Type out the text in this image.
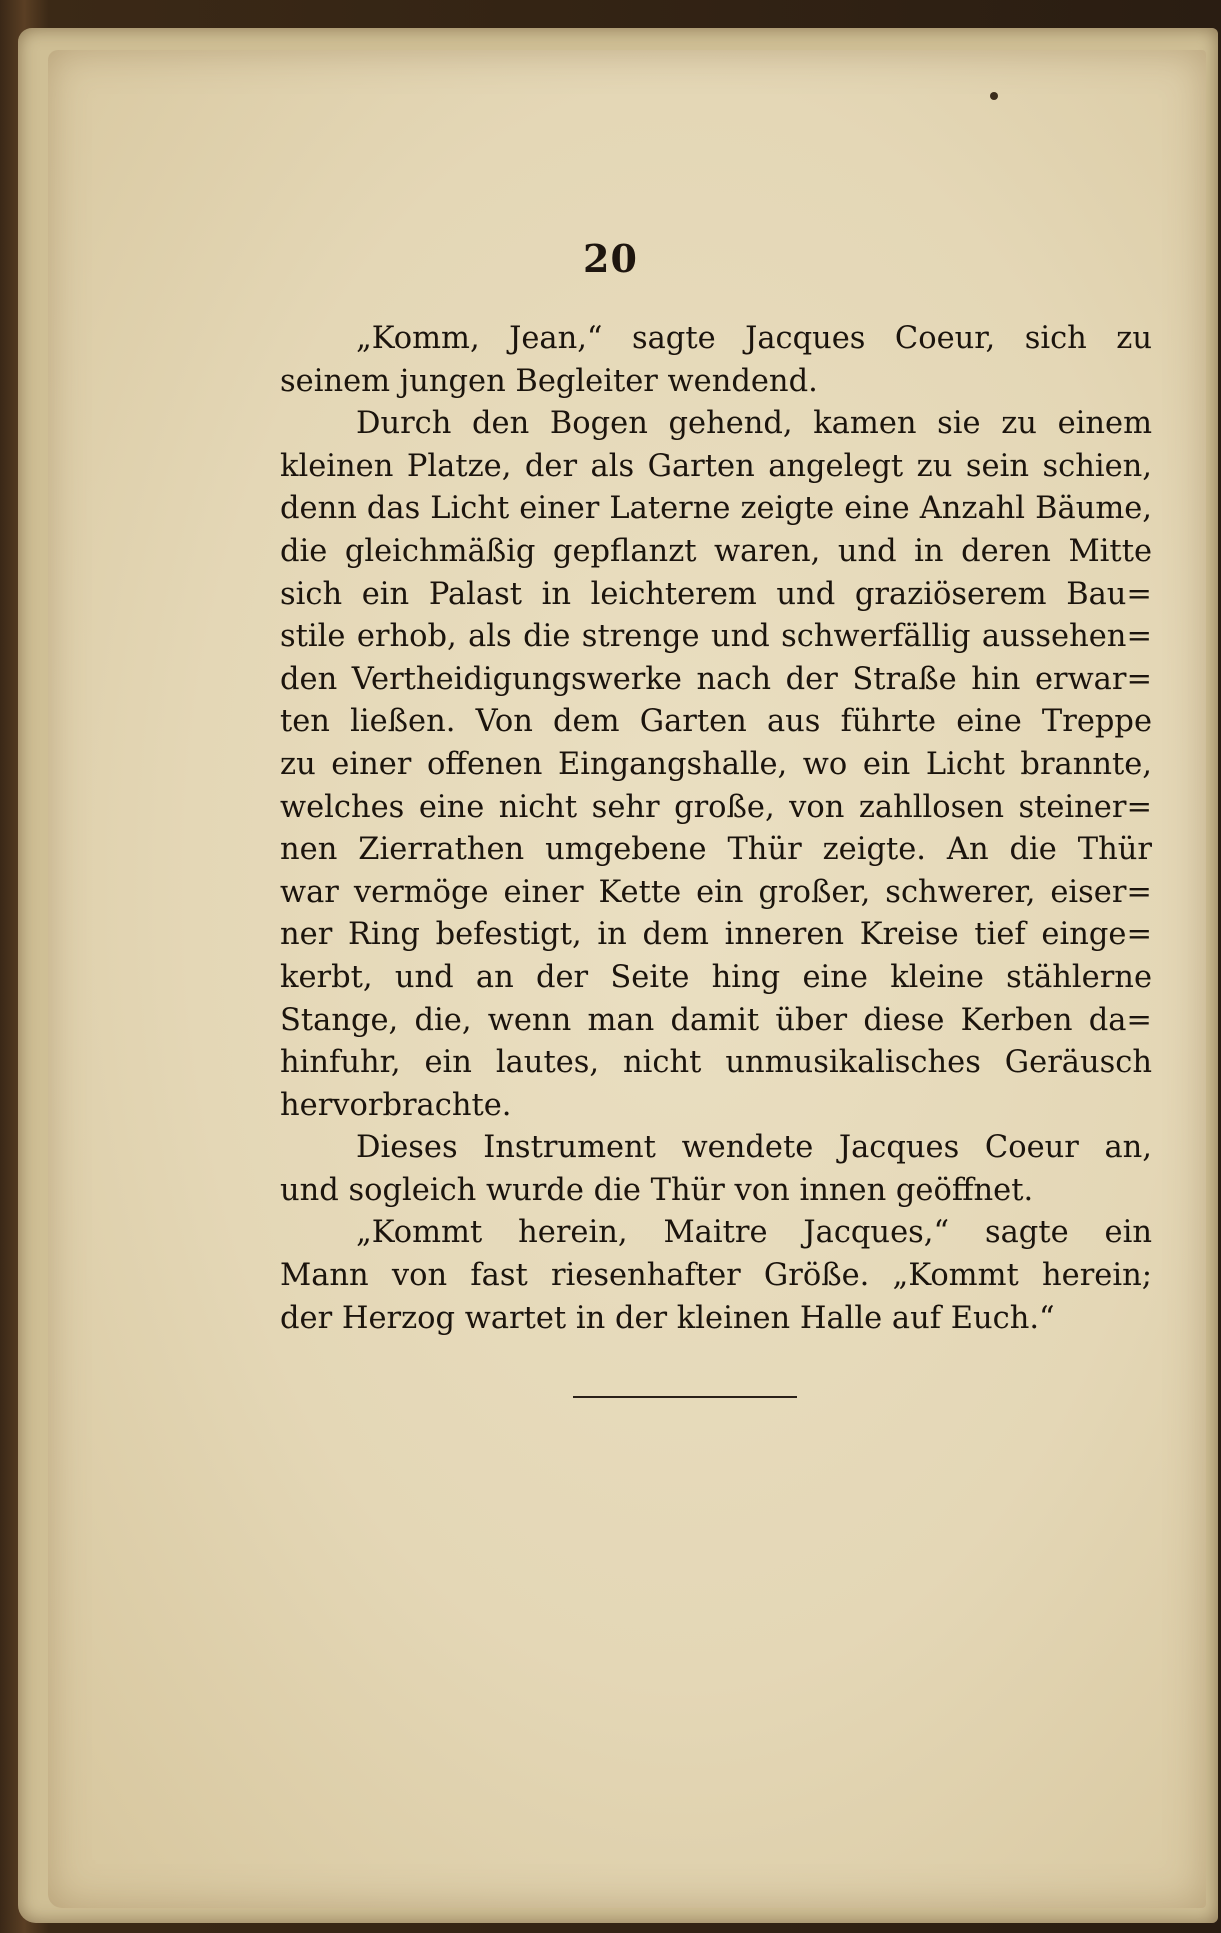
20

„Komm, Jean,“ sagte Jacques Coeur, sich zu
seinem jungen Begleiter wendend.

Durch den Bogen gehend, kamen sie zu einem
kleinen Platze, der als Garten angelegt zu sein schien,
denn das Licht einer Laterne zeigte eine Anzahl Bäume,
die gleichmäßig gepflanzt waren, und in deren Mitte
sich ein Palast in leichterem und graziöserem Bau=
stile erhob, als die strenge und schwerfällig aussehen=
den Vertheidigungswerke nach der Straße hin erwar=
ten ließen. Von dem Garten aus führte eine Treppe
zu einer offenen Eingangshalle, wo ein Licht brannte,
welches eine nicht sehr große, von zahllosen steiner=
nen Zierrathen umgebene Thür zeigte. An die Thür
war vermöge einer Kette ein großer, schwerer, eiser=
ner Ring befestigt, in dem inneren Kreise tief einge=
kerbt, und an der Seite hing eine kleine stählerne
Stange, die, wenn man damit über diese Kerben da=
hinfuhr, ein lautes, nicht unmusikalisches Geräusch
hervorbrachte.

Dieses Instrument wendete Jacques Coeur an,
und sogleich wurde die Thür von innen geöffnet.

„Kommt herein, Maitre Jacques,“ sagte ein
Mann von fast riesenhafter Größe. „Kommt herein;
der Herzog wartet in der kleinen Halle auf Euch.“
